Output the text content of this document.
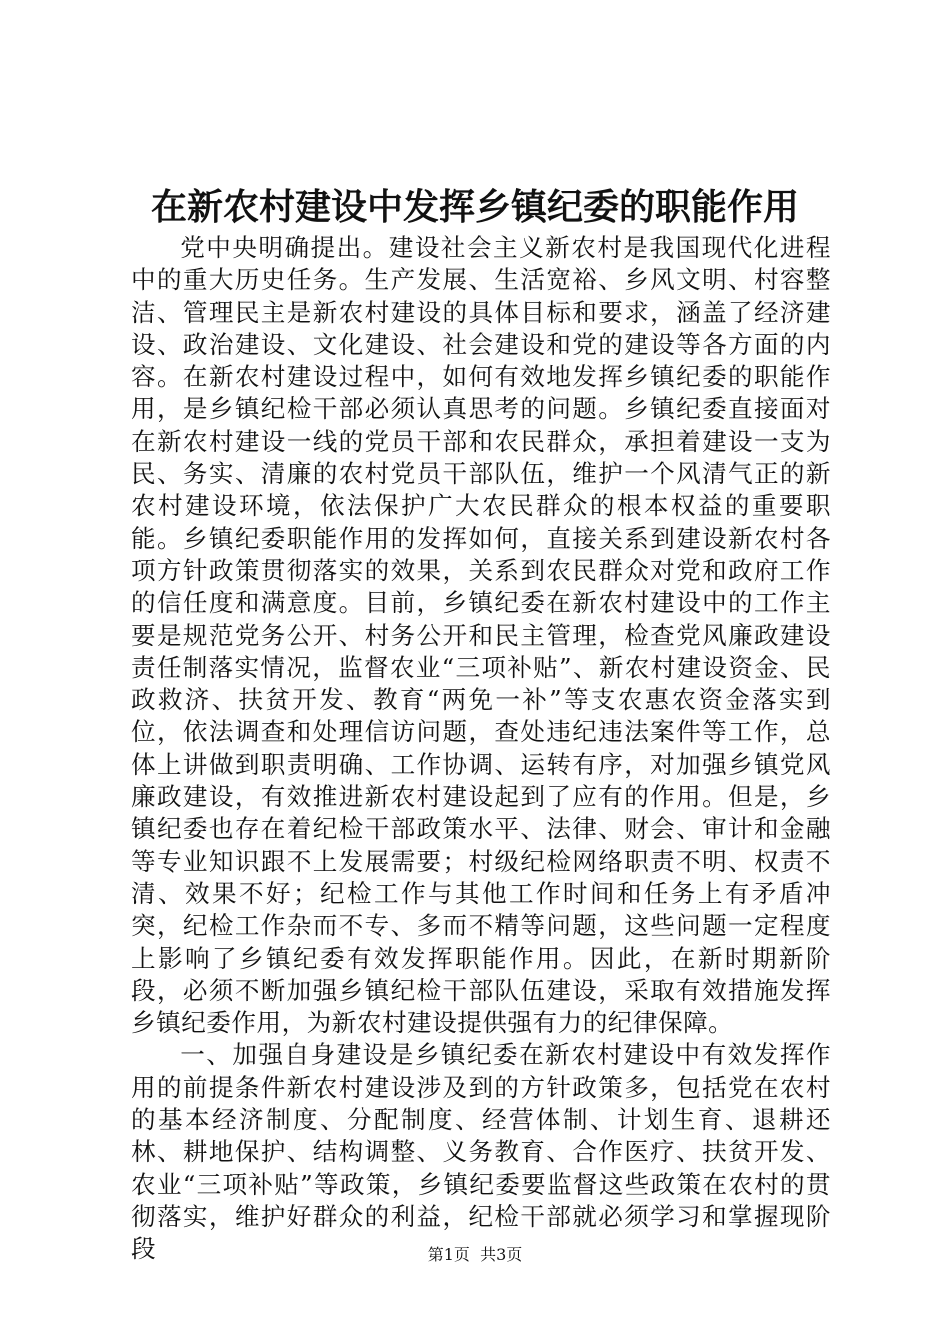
在新农村建设中发挥乡镇纪委的职能作用

党中央明确提出。建设社会主义新农村是我国现代化进程中的重大历史任务。生产发展、生活宽裕、乡风文明、村容整洁、管理民主是新农村建设的具体目标和要求，涵盖了经济建设、政治建设、文化建设、社会建设和党的建设等各方面的内容。在新农村建设过程中，如何有效地发挥乡镇纪委的职能作用，是乡镇纪检干部必须认真思考的问题。乡镇纪委直接面对在新农村建设一线的党员干部和农民群众，承担着建设一支为民、务实、清廉的农村党员干部队伍，维护一个风清气正的新农村建设环境，依法保护广大农民群众的根本权益的重要职能。乡镇纪委职能作用的发挥如何，直接关系到建设新农村各项方针政策贯彻落实的效果，关系到农民群众对党和政府工作的信任度和满意度。目前，乡镇纪委在新农村建设中的工作主要是规范党务公开、村务公开和民主管理，检查党风廉政建设责任制落实情况，监督农业“三项补贴”、新农村建设资金、民政救济、扶贫开发、教育“两免一补”等支农惠农资金落实到位，依法调查和处理信访问题，查处违纪违法案件等工作，总体上讲做到职责明确、工作协调、运转有序，对加强乡镇党风廉政建设，有效推进新农村建设起到了应有的作用。但是，乡镇纪委也存在着纪检干部政策水平、法律、财会、审计和金融等专业知识跟不上发展需要；村级纪检网络职责不明、权责不清、效果不好；纪检工作与其他工作时间和任务上有矛盾冲突，纪检工作杂而不专、多而不精等问题，这些问题一定程度上影响了乡镇纪委有效发挥职能作用。因此，在新时期新阶段，必须不断加强乡镇纪检干部队伍建设，采取有效措施发挥乡镇纪委作用，为新农村建设提供强有力的纪律保障。

一、加强自身建设是乡镇纪委在新农村建设中有效发挥作用的前提条件新农村建设涉及到的方针政策多，包括党在农村的基本经济制度、分配制度、经营体制、计划生育、退耕还林、耕地保护、结构调整、义务教育、合作医疗、扶贫开发、农业“三项补贴”等政策，乡镇纪委要监督这些政策在农村的贯彻落实，维护好群众的利益，纪检干部就必须学习和掌握现阶段	第1页 共3页
